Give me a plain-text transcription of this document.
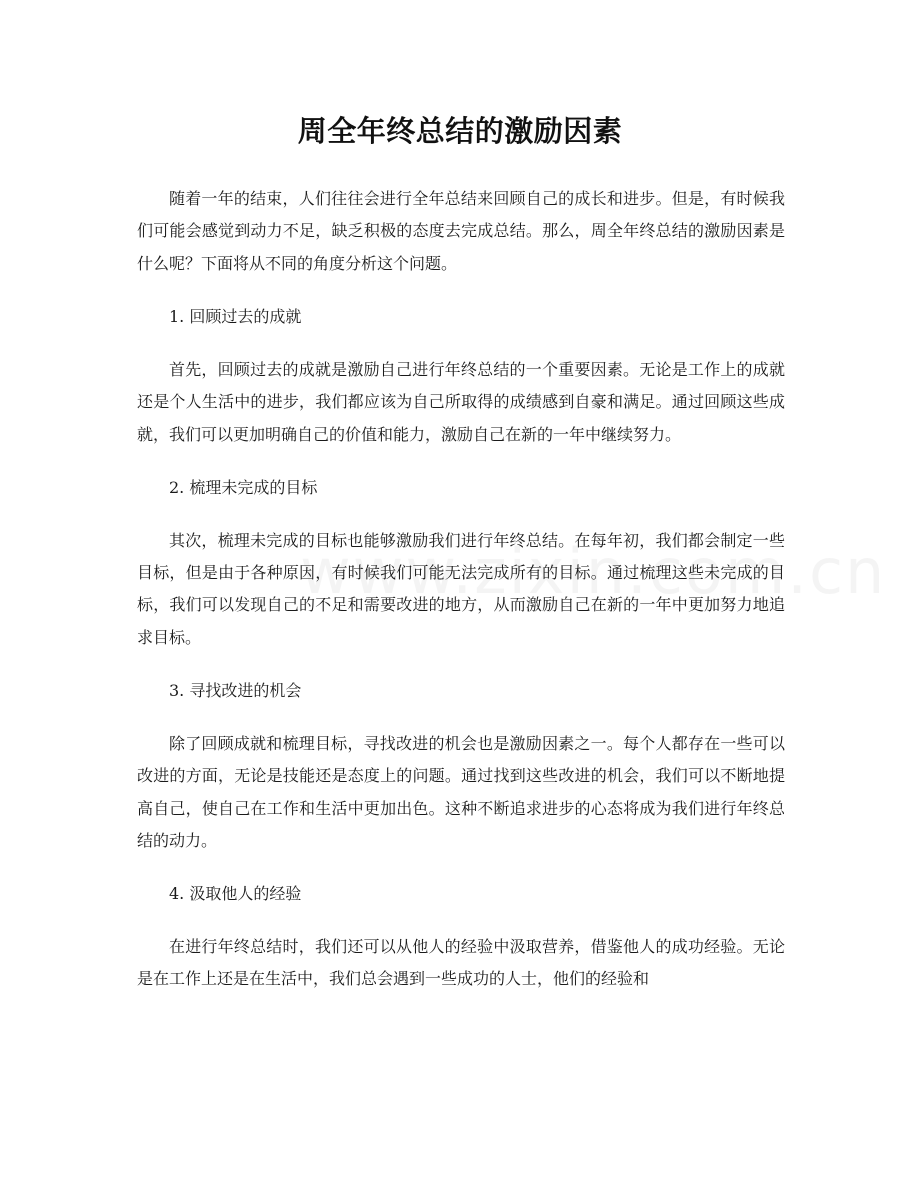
周全年终总结的激励因素

随着一年的结束，人们往往会进行全年总结来回顾自己的成长和进步。但是，有时候我们可能会感觉到动力不足，缺乏积极的态度去完成总结。那么，周全年终总结的激励因素是什么呢？下面将从不同的角度分析这个问题。

1. 回顾过去的成就

首先，回顾过去的成就是激励自己进行年终总结的一个重要因素。无论是工作上的成就还是个人生活中的进步，我们都应该为自己所取得的成绩感到自豪和满足。通过回顾这些成就，我们可以更加明确自己的价值和能力，激励自己在新的一年中继续努力。

2. 梳理未完成的目标

其次，梳理未完成的目标也能够激励我们进行年终总结。在每年初，我们都会制定一些目标，但是由于各种原因，有时候我们可能无法完成所有的目标。通过梳理这些未完成的目标，我们可以发现自己的不足和需要改进的地方，从而激励自己在新的一年中更加努力地追求目标。

3. 寻找改进的机会

除了回顾成就和梳理目标，寻找改进的机会也是激励因素之一。每个人都存在一些可以改进的方面，无论是技能还是态度上的问题。通过找到这些改进的机会，我们可以不断地提高自己，使自己在工作和生活中更加出色。这种不断追求进步的心态将成为我们进行年终总结的动力。

4. 汲取他人的经验

在进行年终总结时，我们还可以从他人的经验中汲取营养，借鉴他人的成功经验。无论是在工作上还是在生活中，我们总会遇到一些成功的人士，他们的经验和
